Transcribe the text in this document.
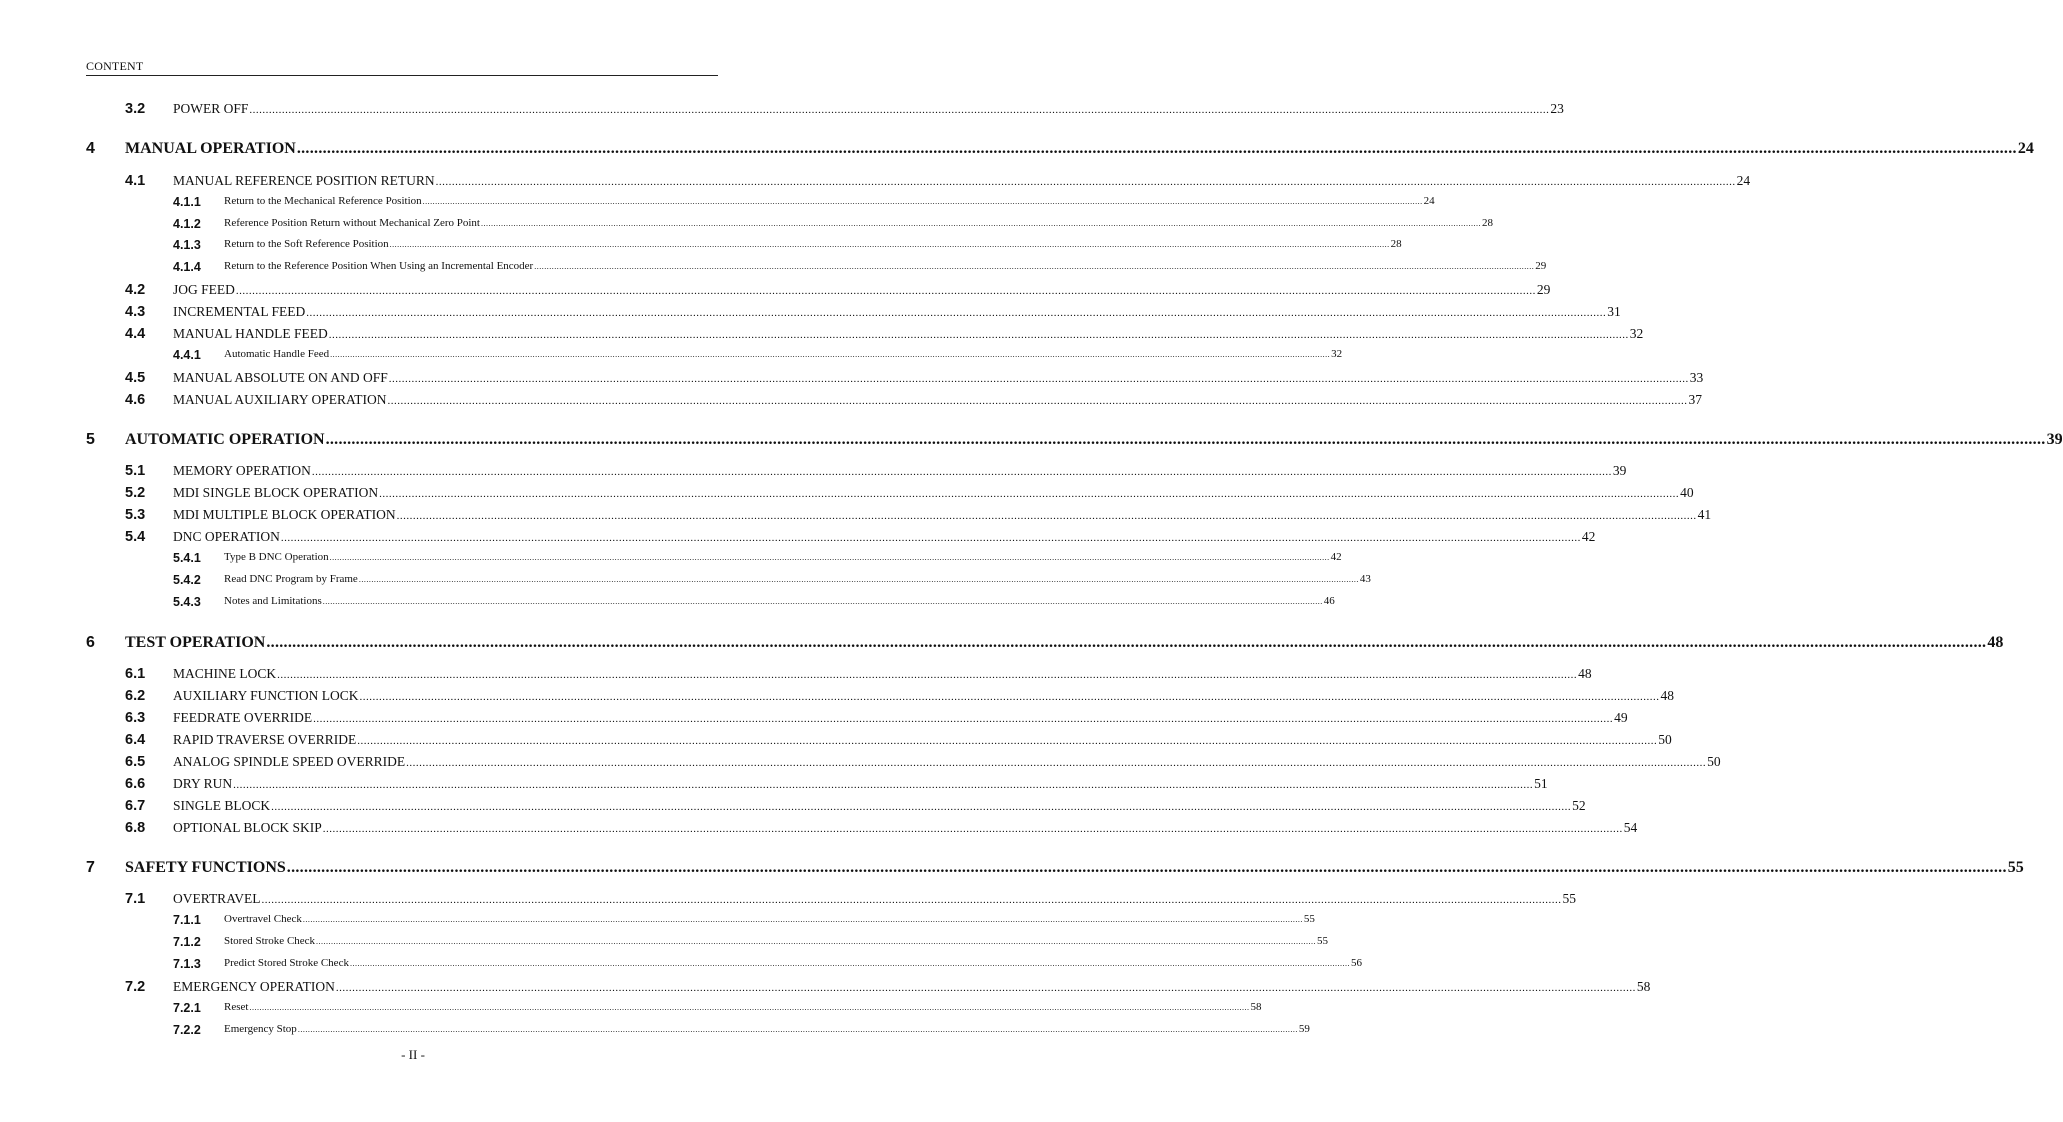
CONTENT
3.2 POWER OFF ................................................................................................................................................................................................................................................................................................................................................................................................................ 23
4 MANUAL OPERATION ................................................................................................................................................................................................................................................................................................................................................................................................................ 24
4.1 MANUAL REFERENCE POSITION RETURN ................................................................................................................................................................................................................................................................................................................................................................................................................ 24
4.1.1 Return to the Mechanical Reference Position ................................................................................................................................................................................................................................................................................................................................................................................................................ 24
4.1.2 Reference Position Return without Mechanical Zero Point ................................................................................................................................................................................................................................................................................................................................................................................................................ 28
4.1.3 Return to the Soft Reference Position ................................................................................................................................................................................................................................................................................................................................................................................................................ 28
4.1.4 Return to the Reference Position When Using an Incremental Encoder ................................................................................................................................................................................................................................................................................................................................................................................................................ 29
4.2 JOG FEED ................................................................................................................................................................................................................................................................................................................................................................................................................ 29
4.3 INCREMENTAL FEED ................................................................................................................................................................................................................................................................................................................................................................................................................ 31
4.4 MANUAL HANDLE FEED ................................................................................................................................................................................................................................................................................................................................................................................................................ 32
4.4.1 Automatic Handle Feed ................................................................................................................................................................................................................................................................................................................................................................................................................ 32
4.5 MANUAL ABSOLUTE ON AND OFF ................................................................................................................................................................................................................................................................................................................................................................................................................ 33
4.6 MANUAL AUXILIARY OPERATION ................................................................................................................................................................................................................................................................................................................................................................................................................ 37
5 AUTOMATIC OPERATION ................................................................................................................................................................................................................................................................................................................................................................................................................ 39
5.1 MEMORY OPERATION ................................................................................................................................................................................................................................................................................................................................................................................................................ 39
5.2 MDI SINGLE BLOCK OPERATION ................................................................................................................................................................................................................................................................................................................................................................................................................ 40
5.3 MDI MULTIPLE BLOCK OPERATION ................................................................................................................................................................................................................................................................................................................................................................................................................ 41
5.4 DNC OPERATION ................................................................................................................................................................................................................................................................................................................................................................................................................ 42
5.4.1 Type B DNC Operation ................................................................................................................................................................................................................................................................................................................................................................................................................ 42
5.4.2 Read DNC Program by Frame ................................................................................................................................................................................................................................................................................................................................................................................................................ 43
5.4.3 Notes and Limitations ................................................................................................................................................................................................................................................................................................................................................................................................................ 46
6 TEST OPERATION ................................................................................................................................................................................................................................................................................................................................................................................................................ 48
6.1 MACHINE LOCK ................................................................................................................................................................................................................................................................................................................................................................................................................ 48
6.2 AUXILIARY FUNCTION LOCK ................................................................................................................................................................................................................................................................................................................................................................................................................ 48
6.3 FEEDRATE OVERRIDE ................................................................................................................................................................................................................................................................................................................................................................................................................ 49
6.4 RAPID TRAVERSE OVERRIDE ................................................................................................................................................................................................................................................................................................................................................................................................................ 50
6.5 ANALOG SPINDLE SPEED OVERRIDE ................................................................................................................................................................................................................................................................................................................................................................................................................ 50
6.6 DRY RUN ................................................................................................................................................................................................................................................................................................................................................................................................................ 51
6.7 SINGLE BLOCK ................................................................................................................................................................................................................................................................................................................................................................................................................ 52
6.8 OPTIONAL BLOCK SKIP ................................................................................................................................................................................................................................................................................................................................................................................................................ 54
7 SAFETY FUNCTIONS ................................................................................................................................................................................................................................................................................................................................................................................................................ 55
7.1 OVERTRAVEL ................................................................................................................................................................................................................................................................................................................................................................................................................ 55
7.1.1 Overtravel Check ................................................................................................................................................................................................................................................................................................................................................................................................................ 55
7.1.2 Stored Stroke Check ................................................................................................................................................................................................................................................................................................................................................................................................................ 55
7.1.3 Predict Stored Stroke Check ................................................................................................................................................................................................................................................................................................................................................................................................................ 56
7.2 EMERGENCY OPERATION ................................................................................................................................................................................................................................................................................................................................................................................................................ 58
7.2.1 Reset ................................................................................................................................................................................................................................................................................................................................................................................................................ 58
7.2.2 Emergency Stop ................................................................................................................................................................................................................................................................................................................................................................................................................ 59
- II -
